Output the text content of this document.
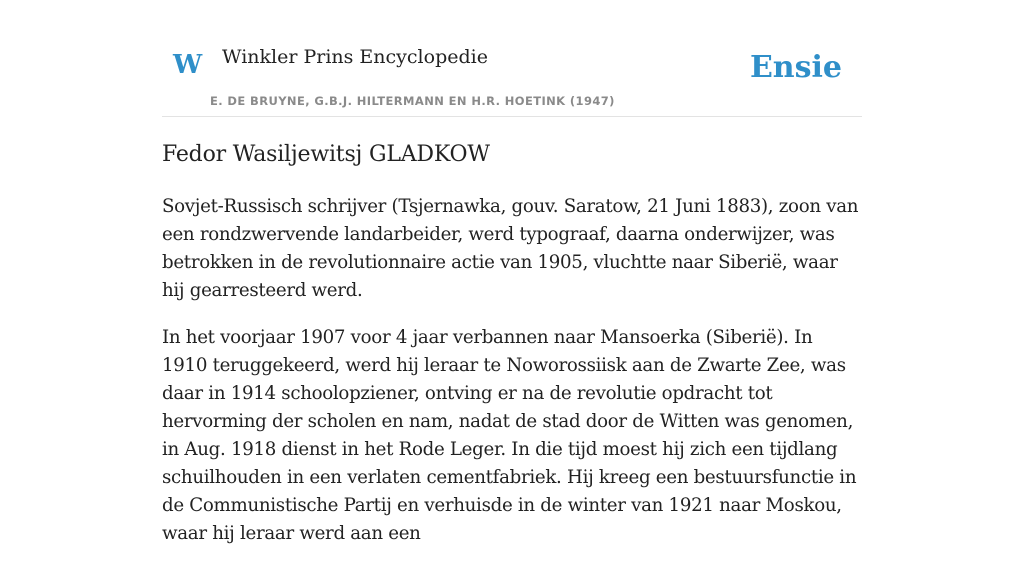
W Winkler Prins Encyclopedie
E. DE BRUYNE, G.B.J. HILTERMANN EN H.R. HOETINK (1947)
Ensie
Fedor Wasiljewitsj GLADKOW

Sovjet-Russisch schrijver (Tsjernawka, gouv. Saratow, 21 Juni 1883), zoon van een rondzwervende landarbeider, werd typograaf, daarna onderwijzer, was betrokken in de revolutionnaire actie van 1905, vluchtte naar Siberië, waar hij gearresteerd werd.

In het voorjaar 1907 voor 4 jaar verbannen naar Mansoerka (Siberië). In 1910 teruggekeerd, werd hij leraar te Noworossiisk aan de Zwarte Zee, was daar in 1914 schoolopziener, ontving er na de revolutie opdracht tot hervorming der scholen en nam, nadat de stad door de Witten was genomen, in Aug. 1918 dienst in het Rode Leger. In die tijd moest hij zich een tijdlang schuilhouden in een verlaten cementfabriek. Hij kreeg een bestuursfunctie in de Communistische Partij en verhuisde in de winter van 1921 naar Moskou, waar hij leraar werd aan een
